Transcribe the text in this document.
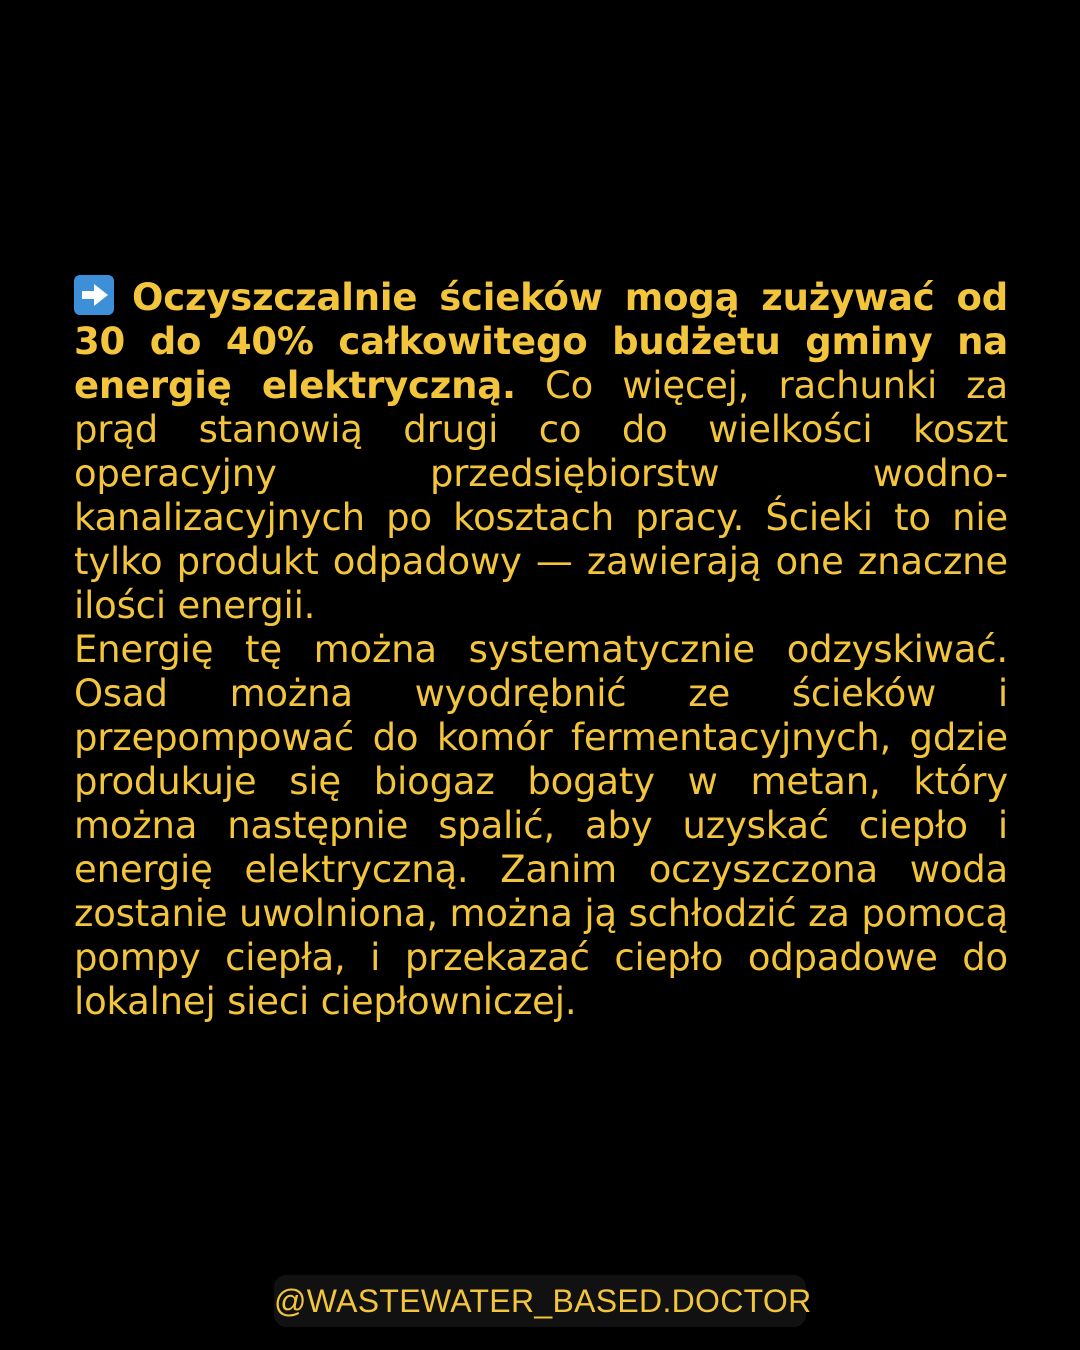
Oczyszczalnie ścieków mogą zużywać od 30 do 40% całkowitego budżetu gminy na energię elektryczną. Co więcej, rachunki za prąd stanowią drugi co do wielkości koszt operacyjny przedsiębiorstw wodno-kanalizacyjnych po kosztach pracy. Ścieki to nie tylko produkt odpadowy — zawierają one znaczne ilości energii.

Energię tę można systematycznie odzyskiwać. Osad można wyodrębnić ze ścieków i przepompować do komór fermentacyjnych, gdzie produkuje się biogaz bogaty w metan, który można następnie spalić, aby uzyskać ciepło i energię elektryczną. Zanim oczyszczona woda zostanie uwolniona, można ją schłodzić za pomocą pompy ciepła, i przekazać ciepło odpadowe do lokalnej sieci ciepłowniczej.

@WASTEWATER_BASED.DOCTOR
